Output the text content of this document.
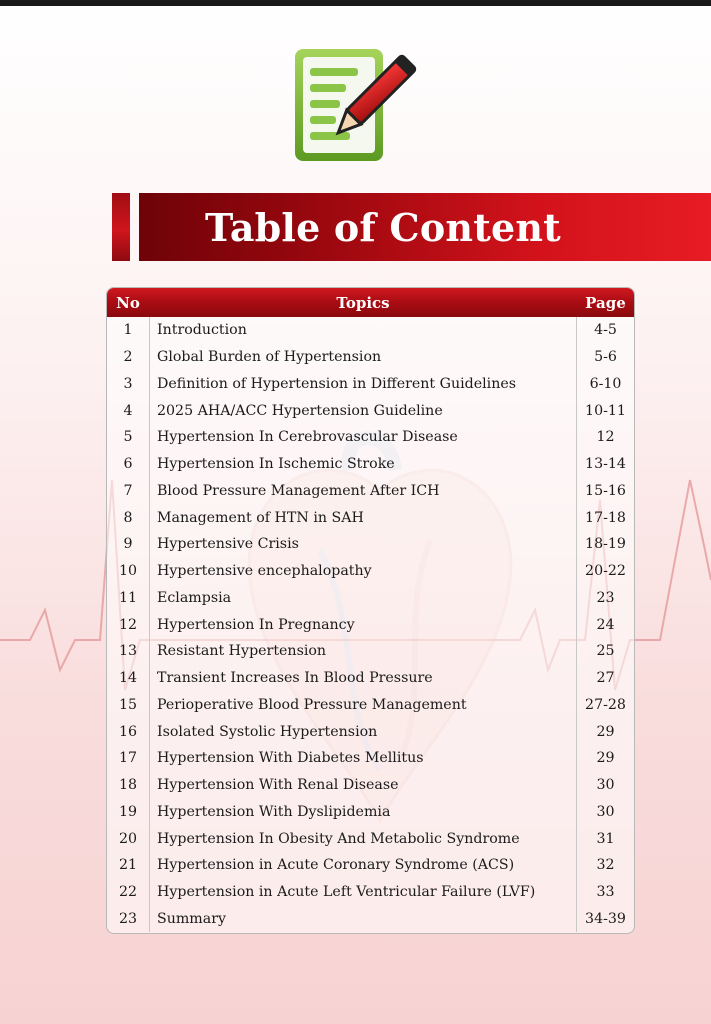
Table of Content
No	Topics	Page
1	Introduction	4-5
2	Global Burden of Hypertension	5-6
3	Definition of Hypertension in Different Guidelines	6-10
4	2025 AHA/ACC Hypertension Guideline	10-11
5	Hypertension In Cerebrovascular Disease	12
6	Hypertension In Ischemic Stroke	13-14
7	Blood Pressure Management After ICH	15-16
8	Management of HTN in SAH	17-18
9	Hypertensive Crisis	18-19
10	Hypertensive encephalopathy	20-22
11	Eclampsia	23
12	Hypertension In Pregnancy	24
13	Resistant Hypertension	25
14	Transient Increases In Blood Pressure	27
15	Perioperative Blood Pressure Management	27-28
16	Isolated Systolic Hypertension	29
17	Hypertension With Diabetes Mellitus	29
18	Hypertension With Renal Disease	30
19	Hypertension With Dyslipidemia	30
20	Hypertension In Obesity And Metabolic Syndrome	31
21	Hypertension in Acute Coronary Syndrome (ACS)	32
22	Hypertension in Acute Left Ventricular Failure (LVF)	33
23	Summary	34-39
